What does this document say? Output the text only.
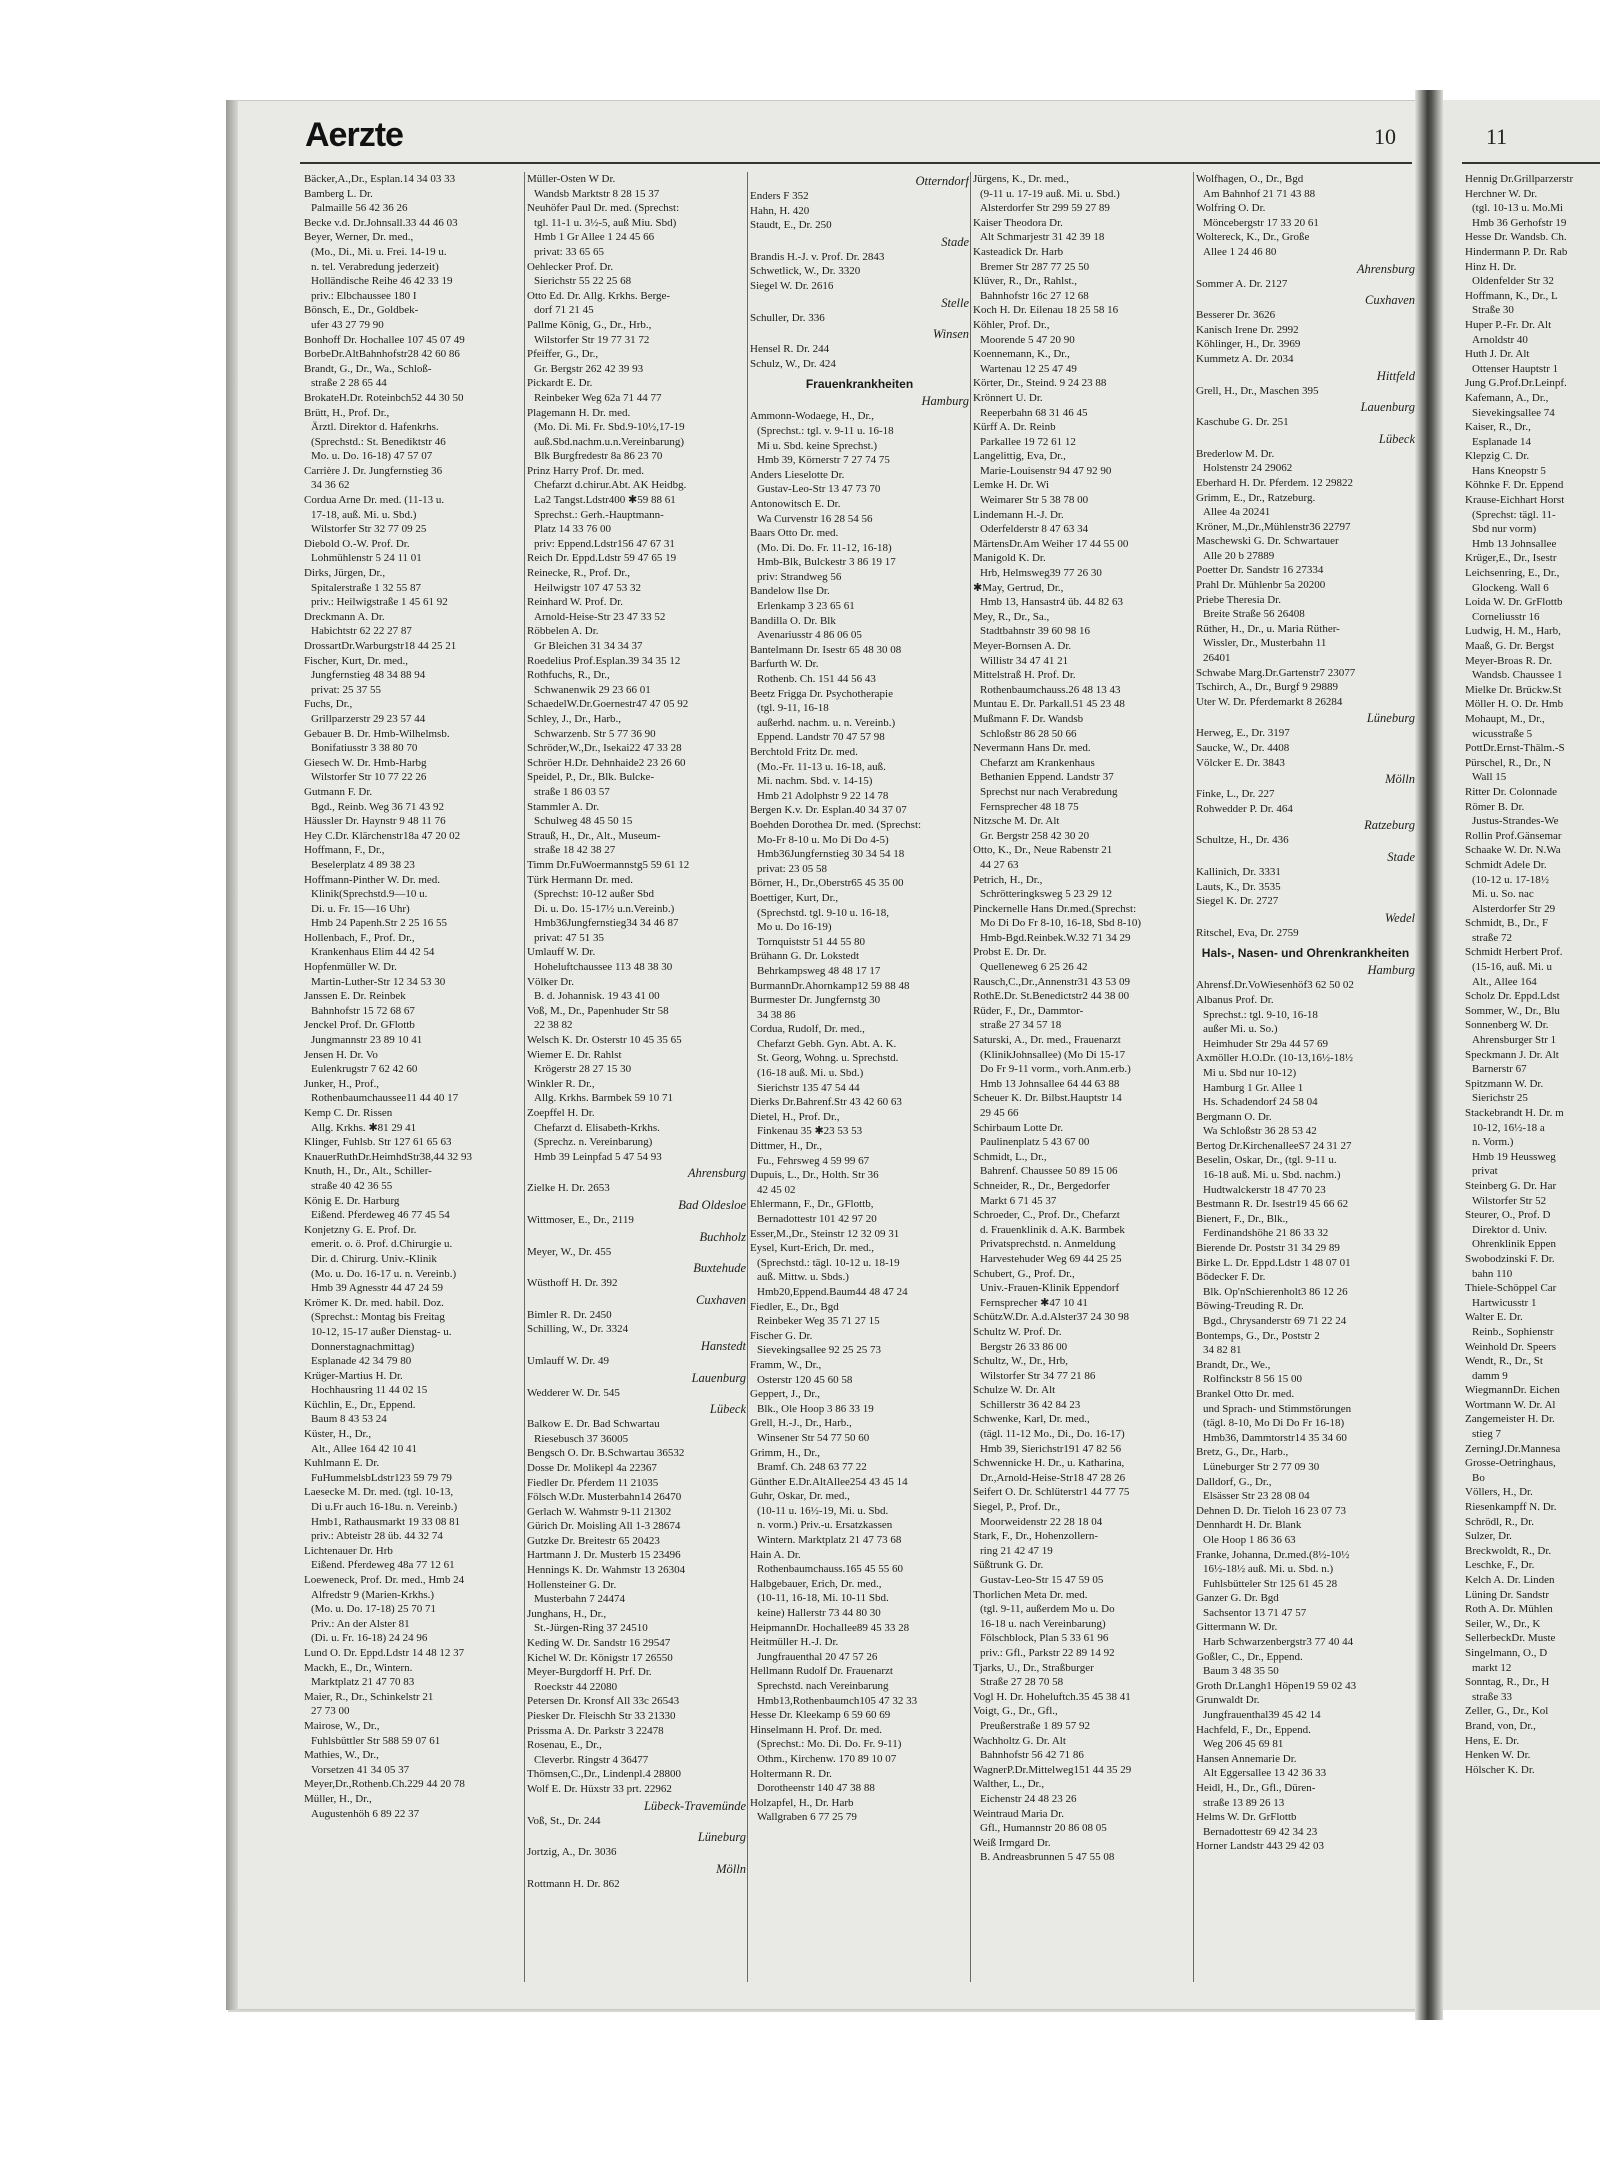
Aerzte	10	11
Bäcker,A.,Dr., Esplan.14 34 03 33
Bamberg L. Dr.
Palmaille 56 42 36 26
Becke v.d. Dr.Johnsall.33 44 46 03
Beyer, Werner, Dr. med.,
(Mo., Di., Mi. u. Frei. 14-19 u.
n. tel. Verabredung jederzeit)
Holländische Reihe 46 42 33 19
priv.: Elbchaussee 180 I
Bönsch, E., Dr., Goldbek-
ufer 43 27 79 90
Bonhoff Dr. Hochallee 107 45 07 49
BorbeDr.AltBahnhofstr28 42 60 86
Brandt, G., Dr., Wa., Schloß-
straße 2 28 65 44
BrokateH.Dr. Roteinbch52 44 30 50
Brütt, H., Prof. Dr.,
Ärztl. Direktor d. Hafenkrhs.
(Sprechstd.: St. Benediktstr 46
Mo. u. Do. 16-18) 47 57 07
Carrière J. Dr. Jungfernstieg 36
34 36 62
Cordua Arne Dr. med. (11-13 u.
17-18, auß. Mi. u. Sbd.)
Wilstorfer Str 32 77 09 25
Diebold O.-W. Prof. Dr.
Lohmühlenstr 5 24 11 01
Dirks, Jürgen, Dr.,
Spitalerstraße 1 32 55 87
priv.: Heilwigstraße 1 45 61 92
Dreckmann A. Dr.
Habichtstr 62 22 27 87
DrossartDr.Warburgstr18 44 25 21
Fischer, Kurt, Dr. med.,
Jungfernstieg 48 34 88 94
privat: 25 37 55
Fuchs, Dr.,
Grillparzerstr 29 23 57 44
Gebauer B. Dr. Hmb-Wilhelmsb.
Bonifatiusstr 3 38 80 70
Giesech W. Dr. Hmb-Harbg
Wilstorfer Str 10 77 22 26
Gutmann F. Dr.
Bgd., Reinb. Weg 36 71 43 92
Häussler Dr. Haynstr 9 48 11 76
Hey C.Dr. Klärchenstr18a 47 20 02
Hoffmann, F., Dr.,
Beselerplatz 4 89 38 23
Hoffmann-Pinther W. Dr. med.
Klinik(Sprechstd.9—10 u.
Di. u. Fr. 15—16 Uhr)
Hmb 24 Papenh.Str 2 25 16 55
Hollenbach, F., Prof. Dr.,
Krankenhaus Elim 44 42 54
Hopfenmüller W. Dr.
Martin-Luther-Str 12 34 53 30
Janssen E. Dr. Reinbek
Bahnhofstr 15 72 68 67
Jenckel Prof. Dr. GFlottb
Jungmannstr 23 89 10 41
Jensen H. Dr. Vo
Eulenkrugstr 7 62 42 60
Junker, H., Prof.,
Rothenbaumchaussee11 44 40 17
Kemp C. Dr. Rissen
Allg. Krkhs. ✱81 29 41
Klinger, Fuhlsb. Str 127 61 65 63
KnauerRuthDr.HeimhdStr38,44 32 93
Knuth, H., Dr., Alt., Schiller-
straße 40 42 36 55
König E. Dr. Harburg
Eißend. Pferdeweg 46 77 45 54
Konjetzny G. E. Prof. Dr.
emerit. o. ö. Prof. d.Chirurgie u.
Dir. d. Chirurg. Univ.-Klinik
(Mo. u. Do. 16-17 u. n. Vereinb.)
Hmb 39 Agnesstr 44 47 24 59
Krömer K. Dr. med. habil. Doz.
(Sprechst.: Montag bis Freitag
10-12, 15-17 außer Dienstag- u.
Donnerstagnachmittag)
Esplanade 42 34 79 80
Krüger-Martius H. Dr.
Hochhausring 11 44 02 15
Küchlin, E., Dr., Eppend.
Baum 8 43 53 24
Küster, H., Dr.,
Alt., Allee 164 42 10 41
Kuhlmann E. Dr.
FuHummelsbLdstr123 59 79 79
Laesecke M. Dr. med. (tgl. 10-13,
Di u.Fr auch 16-18u. n. Vereinb.)
Hmb1, Rathausmarkt 19 33 08 81
priv.: Abteistr 28 üb. 44 32 74
Lichtenauer Dr. Hrb
Eißend. Pferdeweg 48a 77 12 61
Loeweneck, Prof. Dr. med., Hmb 24
Alfredstr 9 (Marien-Krkhs.)
(Mo. u. Do. 17-18) 25 70 71
Priv.: An der Alster 81
(Di. u. Fr. 16-18) 24 24 96
Lund O. Dr. Eppd.Ldstr 14 48 12 37
Mackh, E., Dr., Wintern.
Marktplatz 21 47 70 83
Maier, R., Dr., Schinkelstr 21
27 73 00
Mairose, W., Dr.,
Fuhlsbüttler Str 588 59 07 61
Mathies, W., Dr.,
Vorsetzen 41 34 05 37
Meyer,Dr.,Rothenb.Ch.229 44 20 78
Müller, H., Dr.,
Augustenhöh 6 89 22 37
Müller-Osten W Dr.
Wandsb Marktstr 8 28 15 37
Neuhöfer Paul Dr. med. (Sprechst:
tgl. 11-1 u. 3½-5, auß Miu. Sbd)
Hmb 1 Gr Allee 1 24 45 66
privat: 33 65 65
Oehlecker Prof. Dr.
Sierichstr 55 22 25 68
Otto Ed. Dr. Allg. Krkhs. Berge-
dorf 71 21 45
Pallme König, G., Dr., Hrb.,
Wilstorfer Str 19 77 31 72
Pfeiffer, G., Dr.,
Gr. Bergstr 262 42 39 93
Pickardt E. Dr.
Reinbeker Weg 62a 71 44 77
Plagemann H. Dr. med.
(Mo. Di. Mi. Fr. Sbd.9-10½,17-19
auß.Sbd.nachm.u.n.Vereinbarung)
Blk Burgfredestr 8a 86 23 70
Prinz Harry Prof. Dr. med.
Chefarzt d.chirur.Abt. AK Heidbg.
La2 Tangst.Ldstr400 ✱59 88 61
Sprechst.: Gerh.-Hauptmann-
Platz 14 33 76 00
priv: Eppend.Ldstr156 47 67 31
Reich Dr. Eppd.Ldstr 59 47 65 19
Reinecke, R., Prof. Dr.,
Heilwigstr 107 47 53 32
Reinhard W. Prof. Dr.
Arnold-Heise-Str 23 47 33 52
Röbbelen A. Dr.
Gr Bleichen 31 34 34 37
Roedelius Prof.Esplan.39 34 35 12
Rothfuchs, R., Dr.,
Schwanenwik 29 23 66 01
SchaedelW.Dr.Goernestr47 47 05 92
Schley, J., Dr., Harb.,
Schwarzenb. Str 5 77 36 90
Schröder,W.,Dr., Isekai22 47 33 28
Schröer H.Dr. Dehnhaide2 23 26 60
Speidel, P., Dr., Blk. Bulcke-
straße 1 86 03 57
Stammler A. Dr.
Schulweg 48 45 50 15
Strauß, H., Dr., Alt., Museum-
straße 18 42 38 27
Timm Dr.FuWoermannstg5 59 61 12
Türk Hermann Dr. med.
(Sprechst: 10-12 außer Sbd
Di. u. Do. 15-17½ u.n.Vereinb.)
Hmb36Jungfernstieg34 34 46 87
privat: 47 51 35
Umlauff W. Dr.
Hoheluftchaussee 113 48 38 30
Völker Dr.
B. d. Johannisk. 19 43 41 00
Voß, M., Dr., Papenhuder Str 58
22 38 82
Welsch K. Dr. Osterstr 10 45 35 65
Wiemer E. Dr. Rahlst
Krögerstr 28 27 15 30
Winkler R. Dr.,
Allg. Krkhs. Barmbek 59 10 71
Zoepffel H. Dr.
Chefarzt d. Elisabeth-Krkhs.
(Sprechz. n. Vereinbarung)
Hmb 39 Leinpfad 5 47 54 93
Ahrensburg
Zielke H. Dr. 2653
Bad Oldesloe
Wittmoser, E., Dr., 2119
Buchholz
Meyer, W., Dr. 455
Buxtehude
Wüsthoff H. Dr. 392
Cuxhaven
Bimler R. Dr. 2450
Schilling, W., Dr. 3324
Hanstedt
Umlauff W. Dr. 49
Lauenburg
Wedderer W. Dr. 545
Lübeck
Balkow E. Dr. Bad Schwartau
Riesebusch 37 36005
Bengsch O. Dr. B.Schwartau 36532
Dosse Dr. Molikepl 4a 22367
Fiedler Dr. Pferdem 11 21035
Fölsch W.Dr. Musterbahn14 26470
Gerlach W. Wahmstr 9-11 21302
Gürich Dr. Moisling All 1-3 28674
Gutzke Dr. Breitestr 65 20423
Hartmann J. Dr. Musterb 15 23496
Hennings K. Dr. Wahmstr 13 26304
Hollensteiner G. Dr.
Musterbahn 7 24474
Junghans, H., Dr.,
St.-Jürgen-Ring 37 24510
Keding W. Dr. Sandstr 16 29547
Kichel W. Dr. Königstr 17 26550
Meyer-Burgdorff H. Prf. Dr.
Roeckstr 44 22080
Petersen Dr. Kronsf All 33c 26543
Piesker Dr. Fleischh Str 33 21330
Prissma A. Dr. Parkstr 3 22478
Rosenau, E., Dr.,
Cleverbr. Ringstr 4 36477
Thömsen,C.,Dr., Lindenpl.4 28800
Wolf E. Dr. Hüxstr 33 prt. 22962
Lübeck-Travemünde
Voß, St., Dr. 244
Lüneburg
Jortzig, A., Dr. 3036
Mölln
Rottmann H. Dr. 862
Otterndorf
Enders F 352
Hahn, H. 420
Staudt, E., Dr. 250
Stade
Brandis H.-J. v. Prof. Dr. 2843
Schwetlick, W., Dr. 3320
Siegel W. Dr. 2616
Stelle
Schuller, Dr. 336
Winsen
Hensel R. Dr. 244
Schulz, W., Dr. 424
Frauenkrankheiten
Hamburg
Ammonn-Wodaege, H., Dr.,
(Sprechst.: tgl. v. 9-11 u. 16-18
Mi u. Sbd. keine Sprechst.)
Hmb 39, Körnerstr 7 27 74 75
Anders Lieselotte Dr.
Gustav-Leo-Str 13 47 73 70
Antonowitsch E. Dr.
Wa Curvenstr 16 28 54 56
Baars Otto Dr. med.
(Mo. Di. Do. Fr. 11-12, 16-18)
Hmb-Blk, Bulckestr 3 86 19 17
priv: Strandweg 56
Bandelow Ilse Dr.
Erlenkamp 3 23 65 61
Bandilla O. Dr. Blk
Avenariusstr 4 86 06 05
Bantelmann Dr. Isestr 65 48 30 08
Barfurth W. Dr.
Rothenb. Ch. 151 44 56 43
Beetz Frigga Dr. Psychotherapie
(tgl. 9-11, 16-18
außerhd. nachm. u. n. Vereinb.)
Eppend. Landstr 70 47 57 98
Berchtold Fritz Dr. med.
(Mo.-Fr. 11-13 u. 16-18, auß.
Mi. nachm. Sbd. v. 14-15)
Hmb 21 Adolphstr 9 22 14 78
Bergen K.v. Dr. Esplan.40 34 37 07
Boehden Dorothea Dr. med. (Sprechst:
Mo-Fr 8-10 u. Mo Di Do 4-5)
Hmb36Jungfernstieg 30 34 54 18
privat: 23 05 58
Börner, H., Dr.,Oberstr65 45 35 00
Boettiger, Kurt, Dr.,
(Sprechstd. tgl. 9-10 u. 16-18,
Mo u. Do 16-19)
Tornquiststr 51 44 55 80
Brühann G. Dr. Lokstedt
Behrkampsweg 48 48 17 17
BurmannDr.Ahornkamp12 59 88 48
Burmester Dr. Jungfernstg 30
34 38 86
Cordua, Rudolf, Dr. med.,
Chefarzt Gebh. Gyn. Abt. A. K.
St. Georg, Wohng. u. Sprechstd.
(16-18 auß. Mi. u. Sbd.)
Sierichstr 135 47 54 44
Dierks Dr.Bahrenf.Str 43 42 60 63
Dietel, H., Prof. Dr.,
Finkenau 35 ✱23 53 53
Dittmer, H., Dr.,
Fu., Fehrsweg 4 59 99 67
Dupuis, L., Dr., Holth. Str 36
42 45 02
Ehlermann, F., Dr., GFlottb,
Bernadottestr 101 42 97 20
Esser,M.,Dr., Steinstr 12 32 09 31
Eysel, Kurt-Erich, Dr. med.,
(Sprechstd.: tägl. 10-12 u. 18-19
auß. Mittw. u. Sbds.)
Hmb20,Eppend.Baum44 48 47 24
Fiedler, E., Dr., Bgd
Reinbeker Weg 35 71 27 15
Fischer G. Dr.
Sievekingsallee 92 25 25 73
Framm, W., Dr.,
Osterstr 120 45 60 58
Geppert, J., Dr.,
Blk., Ole Hoop 3 86 33 19
Grell, H.-J., Dr., Harb.,
Winsener Str 54 77 50 60
Grimm, H., Dr.,
Bramf. Ch. 248 63 77 22
Günther E.Dr.AltAllee254 43 45 14
Guhr, Oskar, Dr. med.,
(10-11 u. 16½-19, Mi. u. Sbd.
n. vorm.) Priv.-u. Ersatzkassen
Wintern. Marktplatz 21 47 73 68
Hain A. Dr.
Rothenbaumchauss.165 45 55 60
Halbgebauer, Erich, Dr. med.,
(10-11, 16-18, Mi. 10-11 Sbd.
keine) Hallerstr 73 44 80 30
HeipmannDr. Hochallee89 45 33 28
Heitmüller H.-J. Dr.
Jungfrauenthal 20 47 57 26
Hellmann Rudolf Dr. Frauenarzt
Sprechstd. nach Vereinbarung
Hmb13,Rothenbaumch105 47 32 33
Hesse Dr. Kleekamp 6 59 60 69
Hinselmann H. Prof. Dr. med.
(Sprechst.: Mo. Di. Do. Fr. 9-11)
Othm., Kirchenw. 170 89 10 07
Holtermann R. Dr.
Dorotheenstr 140 47 38 88
Holzapfel, H., Dr. Harb
Wallgraben 6 77 25 79
Jürgens, K., Dr. med.,
(9-11 u. 17-19 auß. Mi. u. Sbd.)
Alsterdorfer Str 299 59 27 89
Kaiser Theodora Dr.
Alt Schmarjestr 31 42 39 18
Kasteadick Dr. Harb
Bremer Str 287 77 25 50
Klüver, R., Dr., Rahlst.,
Bahnhofstr 16c 27 12 68
Koch H. Dr. Eilenau 18 25 58 16
Köhler, Prof. Dr.,
Moorende 5 47 20 90
Koennemann, K., Dr.,
Wartenau 12 25 47 49
Körter, Dr., Steind. 9 24 23 88
Krönnert U. Dr.
Reeperbahn 68 31 46 45
Kürff A. Dr. Reinb
Parkallee 19 72 61 12
Langelittig, Eva, Dr.,
Marie-Louisenstr 94 47 92 90
Lemke H. Dr. Wi
Weimarer Str 5 38 78 00
Lindemann H.-J. Dr.
Oderfelderstr 8 47 63 34
MärtensDr.Am Weiher 17 44 55 00
Manigold K. Dr.
Hrb, Helmsweg39 77 26 30
✱May, Gertrud, Dr.,
Hmb 13, Hansastr4 üb. 44 82 63
Mey, R., Dr., Sa.,
Stadtbahnstr 39 60 98 16
Meyer-Bornsen A. Dr.
Willistr 34 47 41 21
Mittelstraß H. Prof. Dr.
Rothenbaumchauss.26 48 13 43
Muntau E. Dr. Parkall.51 45 23 48
Mußmann F. Dr. Wandsb
Schloßstr 86 28 50 66
Nevermann Hans Dr. med.
Chefarzt am Krankenhaus
Bethanien Eppend. Landstr 37
Sprechst nur nach Verabredung
Fernsprecher 48 18 75
Nitzsche M. Dr. Alt
Gr. Bergstr 258 42 30 20
Otto, K., Dr., Neue Rabenstr 21
44 27 63
Petrich, H., Dr.,
Schrötteringksweg 5 23 29 12
Pinckernelle Hans Dr.med.(Sprechst:
Mo Di Do Fr 8-10, 16-18, Sbd 8-10)
Hmb-Bgd.Reinbek.W.32 71 34 29
Probst E. Dr. Dr.
Quelleneweg 6 25 26 42
Rausch,C.,Dr.,Annenstr31 43 53 09
RothE.Dr. St.Benedictstr2 44 38 00
Rüder, F., Dr., Dammtor-
straße 27 34 57 18
Saturski, A., Dr. med., Frauenarzt
(KlinikJohnsallee) (Mo Di 15-17
Do Fr 9-11 vorm., vorh.Anm.erb.)
Hmb 13 Johnsallee 64 44 63 88
Scheuer K. Dr. Bilbst.Hauptstr 14
29 45 66
Schirbaum Lotte Dr.
Paulinenplatz 5 43 67 00
Schmidt, L., Dr.,
Bahrenf. Chaussee 50 89 15 06
Schneider, R., Dr., Bergedorfer
Markt 6 71 45 37
Schroeder, C., Prof. Dr., Chefarzt
d. Frauenklinik d. A.K. Barmbek
Privatsprechstd. n. Anmeldung
Harvestehuder Weg 69 44 25 25
Schubert, G., Prof. Dr.,
Univ.-Frauen-Klinik Eppendorf
Fernsprecher ✱47 10 41
SchützW.Dr. A.d.Alster37 24 30 98
Schultz W. Prof. Dr.
Bergstr 26 33 86 00
Schultz, W., Dr., Hrb,
Wilstorfer Str 34 77 21 86
Schulze W. Dr. Alt
Schillerstr 36 42 84 23
Schwenke, Karl, Dr. med.,
(tägl. 11-12 Mo., Di., Do. 16-17)
Hmb 39, Sierichstr191 47 82 56
Schwennicke H. Dr., u. Katharina,
Dr.,Arnold-Heise-Str18 47 28 26
Seifert O. Dr. Schlüterstr1 44 77 75
Siegel, P., Prof. Dr.,
Moorweidenstr 22 28 18 04
Stark, F., Dr., Hohenzollern-
ring 21 42 47 19
Süßtrunk G. Dr.
Gustav-Leo-Str 15 47 59 05
Thorlichen Meta Dr. med.
(tgl. 9-11, außerdem Mo u. Do
16-18 u. nach Vereinbarung)
Fölschblock, Plan 5 33 61 96
priv.: Gfl., Parkstr 22 89 14 92
Tjarks, U., Dr., Straßburger
Straße 27 28 70 58
Vogl H. Dr. Hoheluftch.35 45 38 41
Voigt, G., Dr., Gfl.,
Preußerstraße 1 89 57 92
Wachholtz G. Dr. Alt
Bahnhofstr 56 42 71 86
WagnerP.Dr.Mittelweg151 44 35 29
Walther, L., Dr.,
Eichenstr 24 48 23 26
Weintraud Maria Dr.
Gfl., Humannstr 20 86 08 05
Weiß Irmgard Dr.
B. Andreasbrunnen 5 47 55 08
Wolfhagen, O., Dr., Bgd
Am Bahnhof 21 71 43 88
Wolfring O. Dr.
Möncebergstr 17 33 20 61
Woltereck, K., Dr., Große
Allee 1 24 46 80
Ahrensburg
Sommer A. Dr. 2127
Cuxhaven
Besserer Dr. 3626
Kanisch Irene Dr. 2992
Köhlinger, H., Dr. 3969
Kummetz A. Dr. 2034
Hittfeld
Grell, H., Dr., Maschen 395
Lauenburg
Kaschube G. Dr. 251
Lübeck
Brederlow M. Dr.
Holstenstr 24 29062
Eberhard H. Dr. Pferdem. 12 29822
Grimm, E., Dr., Ratzeburg.
Allee 4a 20241
Kröner, M.,Dr.,Mühlenstr36 22797
Maschewski G. Dr. Schwartauer
Alle 20 b 27889
Poetter Dr. Sandstr 16 27334
Prahl Dr. Mühlenbr 5a 20200
Priebe Theresia Dr.
Breite Straße 56 26408
Rüther, H., Dr., u. Maria Rüther-
Wissler, Dr., Musterbahn 11
26401
Schwabe Marg.Dr.Gartenstr7 23077
Tschirch, A., Dr., Burgf 9 29889
Uter W. Dr. Pferdemarkt 8 26284
Lüneburg
Herweg, E., Dr. 3197
Saucke, W., Dr. 4408
Völcker E. Dr. 3843
Mölln
Finke, L., Dr. 227
Rohwedder P. Dr. 464
Ratzeburg
Schultze, H., Dr. 436
Stade
Kallinich, Dr. 3331
Lauts, K., Dr. 3535
Siegel K. Dr. 2727
Wedel
Ritschel, Eva, Dr. 2759
Hals-, Nasen- und Ohrenkrankheiten
Hamburg
Ahrensf.Dr.VoWiesenhöf3 62 50 02
Albanus Prof. Dr.
Sprechst.: tgl. 9-10, 16-18
außer Mi. u. So.)
Heimhuder Str 29a 44 57 69
Axmöller H.O.Dr. (10-13,16½-18½
Mi u. Sbd nur 10-12)
Hamburg 1 Gr. Allee 1
Hs. Schadendorf 24 58 04
Bergmann O. Dr.
Wa Schloßstr 36 28 53 42
Bertog Dr.KirchenalleeS7 24 31 27
Beselin, Oskar, Dr., (tgl. 9-11 u.
16-18 auß. Mi. u. Sbd. nachm.)
Hudtwalckerstr 18 47 70 23
Bestmann R. Dr. Isestr19 45 66 62
Bienert, F., Dr., Blk.,
Ferdinandshöhe 21 86 33 32
Bierende Dr. Poststr 31 34 29 89
Birke L. Dr. Eppd.Ldstr 1 48 07 01
Bödecker F. Dr.
Blk. Op'nSchierenholt3 86 12 26
Böwing-Treuding R. Dr.
Bgd., Chrysanderstr 69 71 22 24
Bontemps, G., Dr., Poststr 2
34 82 81
Brandt, Dr., We.,
Rolfinckstr 8 56 15 00
Brankel Otto Dr. med.
und Sprach- und Stimmstörungen
(tägl. 8-10, Mo Di Do Fr 16-18)
Hmb36, Dammtorstr14 35 34 60
Bretz, G., Dr., Harb.,
Lüneburger Str 2 77 09 30
Dalldorf, G., Dr.,
Elsässer Str 23 28 08 04
Dehnen D. Dr. Tieloh 16 23 07 73
Dennhardt H. Dr. Blank
Ole Hoop 1 86 36 63
Franke, Johanna, Dr.med.(8½-10½
16½-18½ auß. Mi. u. Sbd. n.)
Fuhlsbütteler Str 125 61 45 28
Ganzer G. Dr. Bgd
Sachsentor 13 71 47 57
Gittermann W. Dr.
Harb Schwarzenbergstr3 77 40 44
Goßler, C., Dr., Eppend.
Baum 3 48 35 50
Groth Dr.Langh1 Höpen19 59 02 43
Grunwaldt Dr.
Jungfrauenthal39 45 42 14
Hachfeld, F., Dr., Eppend.
Weg 206 45 69 81
Hansen Annemarie Dr.
Alt Eggersallee 13 42 36 33
Heidl, H., Dr., Gfl., Düren-
straße 13 89 26 13
Helms W. Dr. GrFlottb
Bernadottestr 69 42 34 23
Horner Landstr 443 29 42 03
Hennig Dr.Grillparzerstr
Herchner W. Dr.
(tgl. 10-13 u. Mo.Mi
Hmb 36 Gerhofstr 19
Hesse Dr. Wandsb. Ch.
Hindermann P. Dr. Rab
Hinz H. Dr.
Oldenfelder Str 32
Hoffmann, K., Dr., L
Straße 30
Huper P.-Fr. Dr. Alt
Arnoldstr 40
Huth J. Dr. Alt
Ottenser Hauptstr 1
Jung G.Prof.Dr.Leinpf.
Kafemann, A., Dr.,
Sievekingsallee 74
Kaiser, R., Dr.,
Esplanade 14
Klepzig C. Dr.
Hans Kneopstr 5
Köhnke F. Dr. Eppend
Krause-Eichhart Horst
(Sprechst: tägl. 11-
Sbd nur vorm)
Hmb 13 Johnsallee
Krüger,E., Dr., Isestr
Leichsenring, E., Dr.,
Glockeng. Wall 6
Loida W. Dr. GrFlottb
Corneliusstr 16
Ludwig, H. M., Harb,
Maaß, G. Dr. Bergst
Meyer-Broas R. Dr.
Wandsb. Chaussee 1
Mielke Dr. Brückw.St
Möller H. O. Dr. Hmb
Mohaupt, M., Dr.,
wicusstraße 5
PottDr.Ernst-Thälm.-S
Pürschel, R., Dr., N
Wall 15
Ritter Dr. Colonnade
Römer B. Dr.
Justus-Strandes-We
Rollin Prof.Gänsemar
Schaake W. Dr. N.Wa
Schmidt Adele Dr.
(10-12 u. 17-18½
Mi. u. So. nac
Alsterdorfer Str 29
Schmidt, B., Dr., F
straße 72
Schmidt Herbert Prof.
(15-16, auß. Mi. u
Alt., Allee 164
Scholz Dr. Eppd.Ldst
Sommer, W., Dr., Blu
Sonnenberg W. Dr.
Ahrensburger Str 1
Speckmann J. Dr. Alt
Barnerstr 67
Spitzmann W. Dr.
Sierichstr 25
Stackebrandt H. Dr. m
10-12, 16½-18 a
n. Vorm.)
Hmb 19 Heussweg
privat
Steinberg G. Dr. Har
Wilstorfer Str 52
Steurer, O., Prof. D
Direktor d. Univ.
Ohrenklinik Eppen
Swobodzinski F. Dr.
bahn 110
Thiele-Schöppel Car
Hartwicusstr 1
Walter E. Dr.
Reinb., Sophienstr
Weinhold Dr. Speers
Wendt, R., Dr., St
damm 9
WiegmannDr. Eichen
Wortmann W. Dr. Al
Zangemeister H. Dr.
stieg 7
ZerningJ.Dr.Mannesa
Grosse-Oetringhaus,
Bo
Völlers, H., Dr.
Riesenkampff N. Dr.
Schrödl, R., Dr.
Sulzer, Dr.
Breckwoldt, R., Dr.
Leschke, F., Dr.
Kelch A. Dr. Linden
Lüning Dr. Sandstr
Roth A. Dr. Mühlen
Seiler, W., Dr., K
SellerbeckDr. Muste
Singelmann, O., D
markt 12
Sonntag, R., Dr., H
straße 33
Zeller, G., Dr., Kol
Brand, von, Dr.,
Hens, E. Dr.
Henken W. Dr.
Hölscher K. Dr.
